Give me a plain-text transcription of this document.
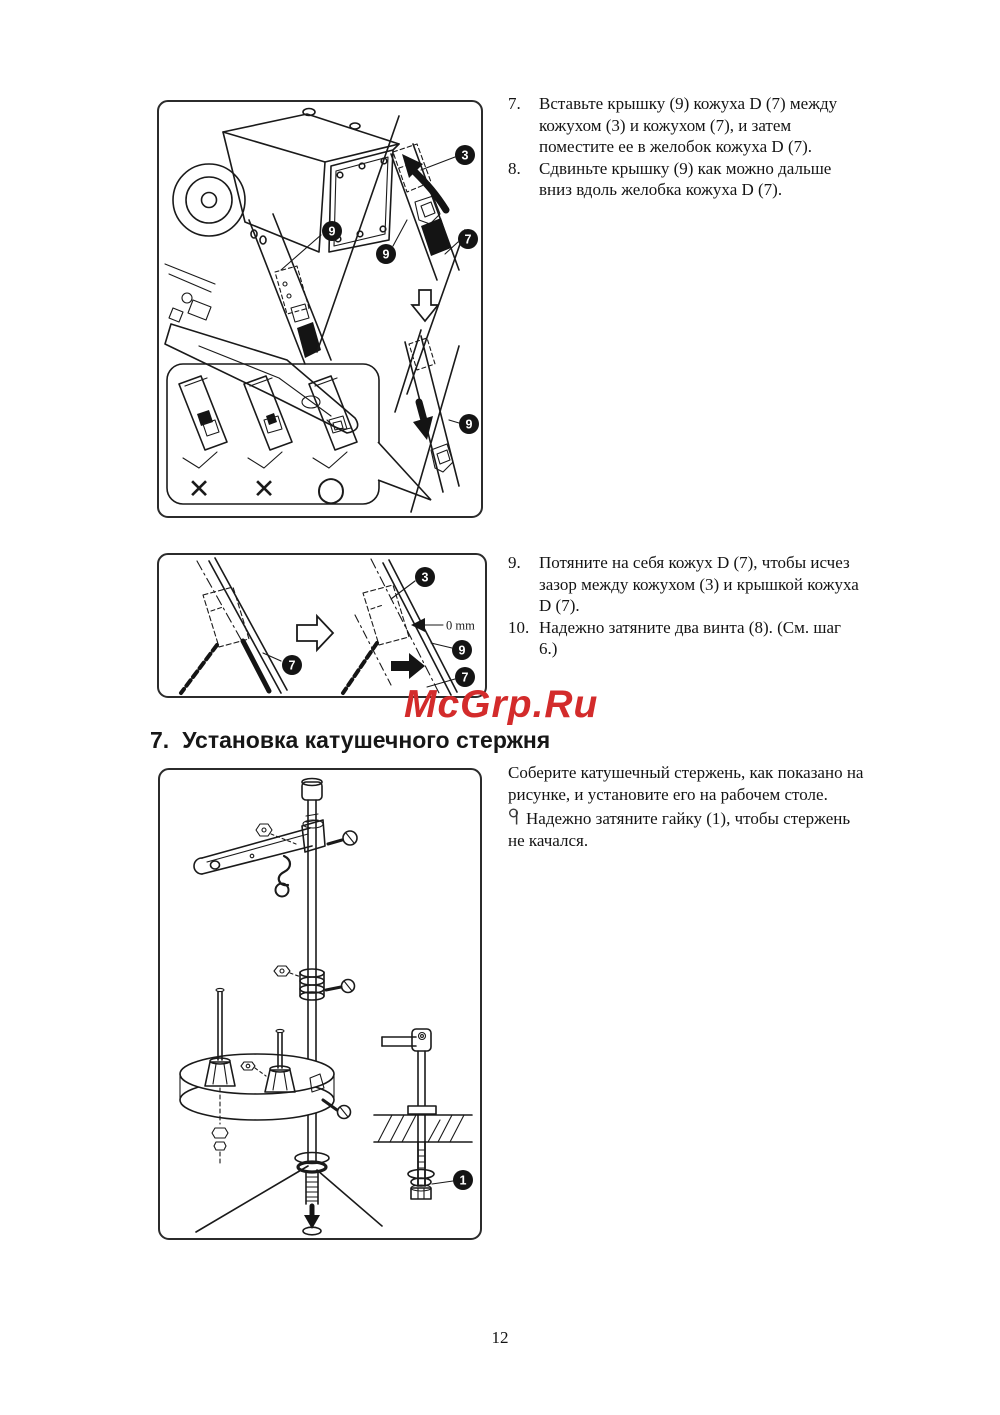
9
3
7
9
✕ ✕ ○
9
7.	Вставьте крышку (9) кожуха D (7) между кожухом (3) и кожухом (7), и затем поместите ее в желобок кожуха D (7).
8.	Сдвиньте крышку (9) как можно дальше вниз вдоль желобка кожуха D (7).
7
0 mm
3
9
7
9.	Потяните на себя кожух D (7), чтобы исчез зазор между кожухом (3) и крышкой кожуха D (7).
10. Надежно затяните два винта (8). (См. шаг 6.)
McGrp.Ru
7. Установка катушечного стержня
1

Соберите катушечный стержень, как показано на рисунке, и установите его на рабочем столе.

Надежно затяните гайку (1), чтобы стержень не качался.

12
